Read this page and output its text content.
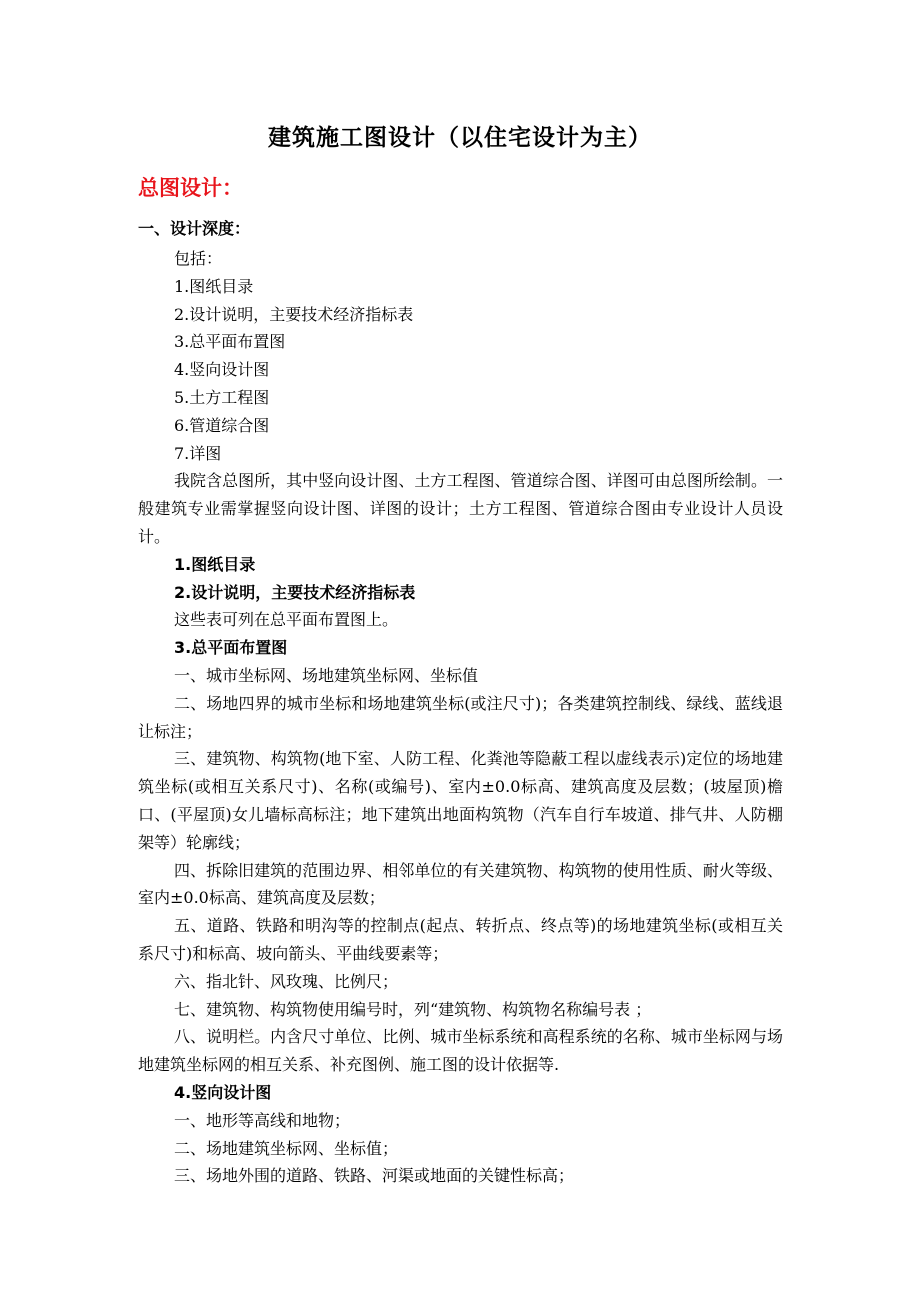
建筑施工图设计（以住宅设计为主）
总图设计：
一、设计深度：
包括：
1.图纸目录
2.设计说明，主要技术经济指标表
3.总平面布置图
4.竖向设计图
5.土方工程图
6.管道综合图
7.详图
我院含总图所，其中竖向设计图、土方工程图、管道综合图、详图可由总图所绘制。一般建筑专业需掌握竖向设计图、详图的设计；土方工程图、管道综合图由专业设计人员设计。
1.图纸目录
2.设计说明，主要技术经济指标表
这些表可列在总平面布置图上。
3.总平面布置图
一、城市坐标网、场地建筑坐标网、坐标值
二、场地四界的城市坐标和场地建筑坐标(或注尺寸)；各类建筑控制线、绿线、蓝线退让标注；
三、建筑物、构筑物(地下室、人防工程、化粪池等隐蔽工程以虚线表示)定位的场地建筑坐标(或相互关系尺寸)、名称(或编号)、室内±0.0标高、建筑高度及层数；(坡屋顶)檐口、(平屋顶)女儿墙标高标注；地下建筑出地面构筑物（汽车自行车坡道、排气井、人防棚架等）轮廓线；
四、拆除旧建筑的范围边界、相邻单位的有关建筑物、构筑物的使用性质、耐火等级、室内±0.0标高、建筑高度及层数；
五、道路、铁路和明沟等的控制点(起点、转折点、终点等)的场地建筑坐标(或相互关系尺寸)和标高、坡向箭头、平曲线要素等；
六、指北针、风玫瑰、比例尺；
七、建筑物、构筑物使用编号时，列“建筑物、构筑物名称编号表 ；
八、说明栏。内含尺寸单位、比例、城市坐标系统和高程系统的名称、城市坐标网与场地建筑坐标网的相互关系、补充图例、施工图的设计依据等.
4.竖向设计图
一、地形等高线和地物；
二、场地建筑坐标网、坐标值；
三、场地外围的道路、铁路、河渠或地面的关键性标高；
